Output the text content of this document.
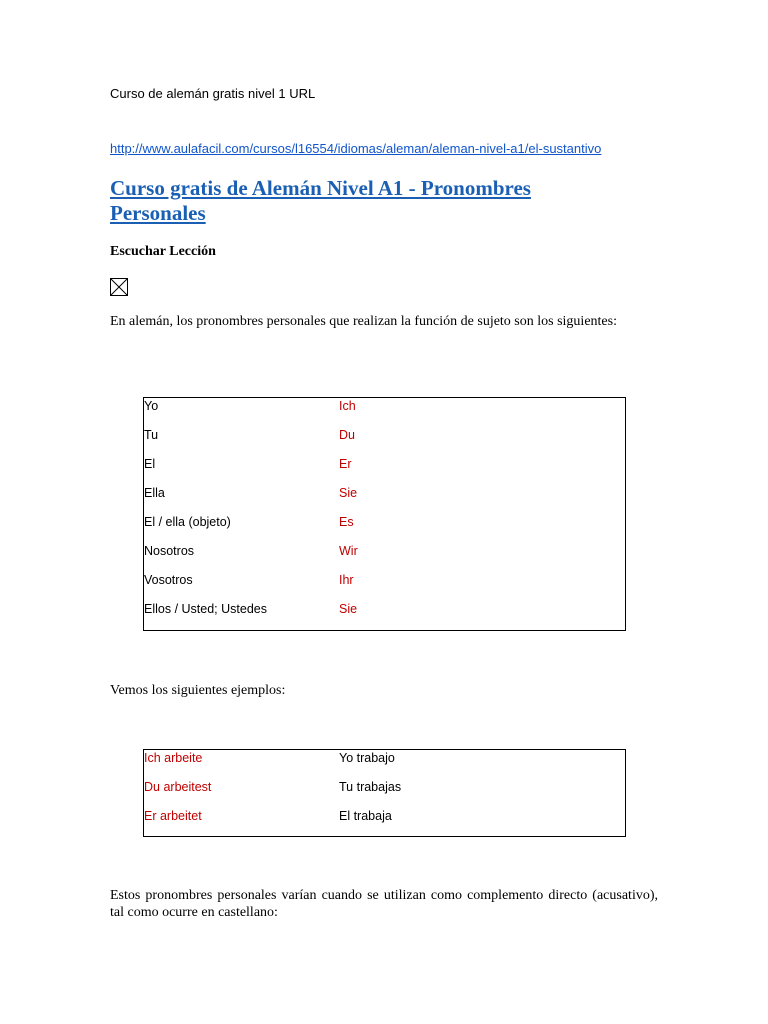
Curso de alemán gratis nivel 1 URL
http://www.aulafacil.com/cursos/l16554/idiomas/aleman/aleman-nivel-a1/el-sustantivo
Curso gratis de Alemán Nivel A1 - Pronombres Personales
Escuchar Lección

En alemán, los pronombres personales que realizan la función de sujeto son los siguientes:

Yo	Ich
Tu	Du
El	Er
Ella	Sie
El / ella (objeto)	Es
Nosotros	Wir
Vosotros	Ihr
Ellos / Usted; Ustedes	Sie

Vemos los siguientes ejemplos:

Ich arbeite	Yo trabajo
Du arbeitest	Tu trabajas
Er arbeitet	El trabaja

Estos pronombres personales varían cuando se utilizan como complemento directo (acusativo), tal como ocurre en castellano:
